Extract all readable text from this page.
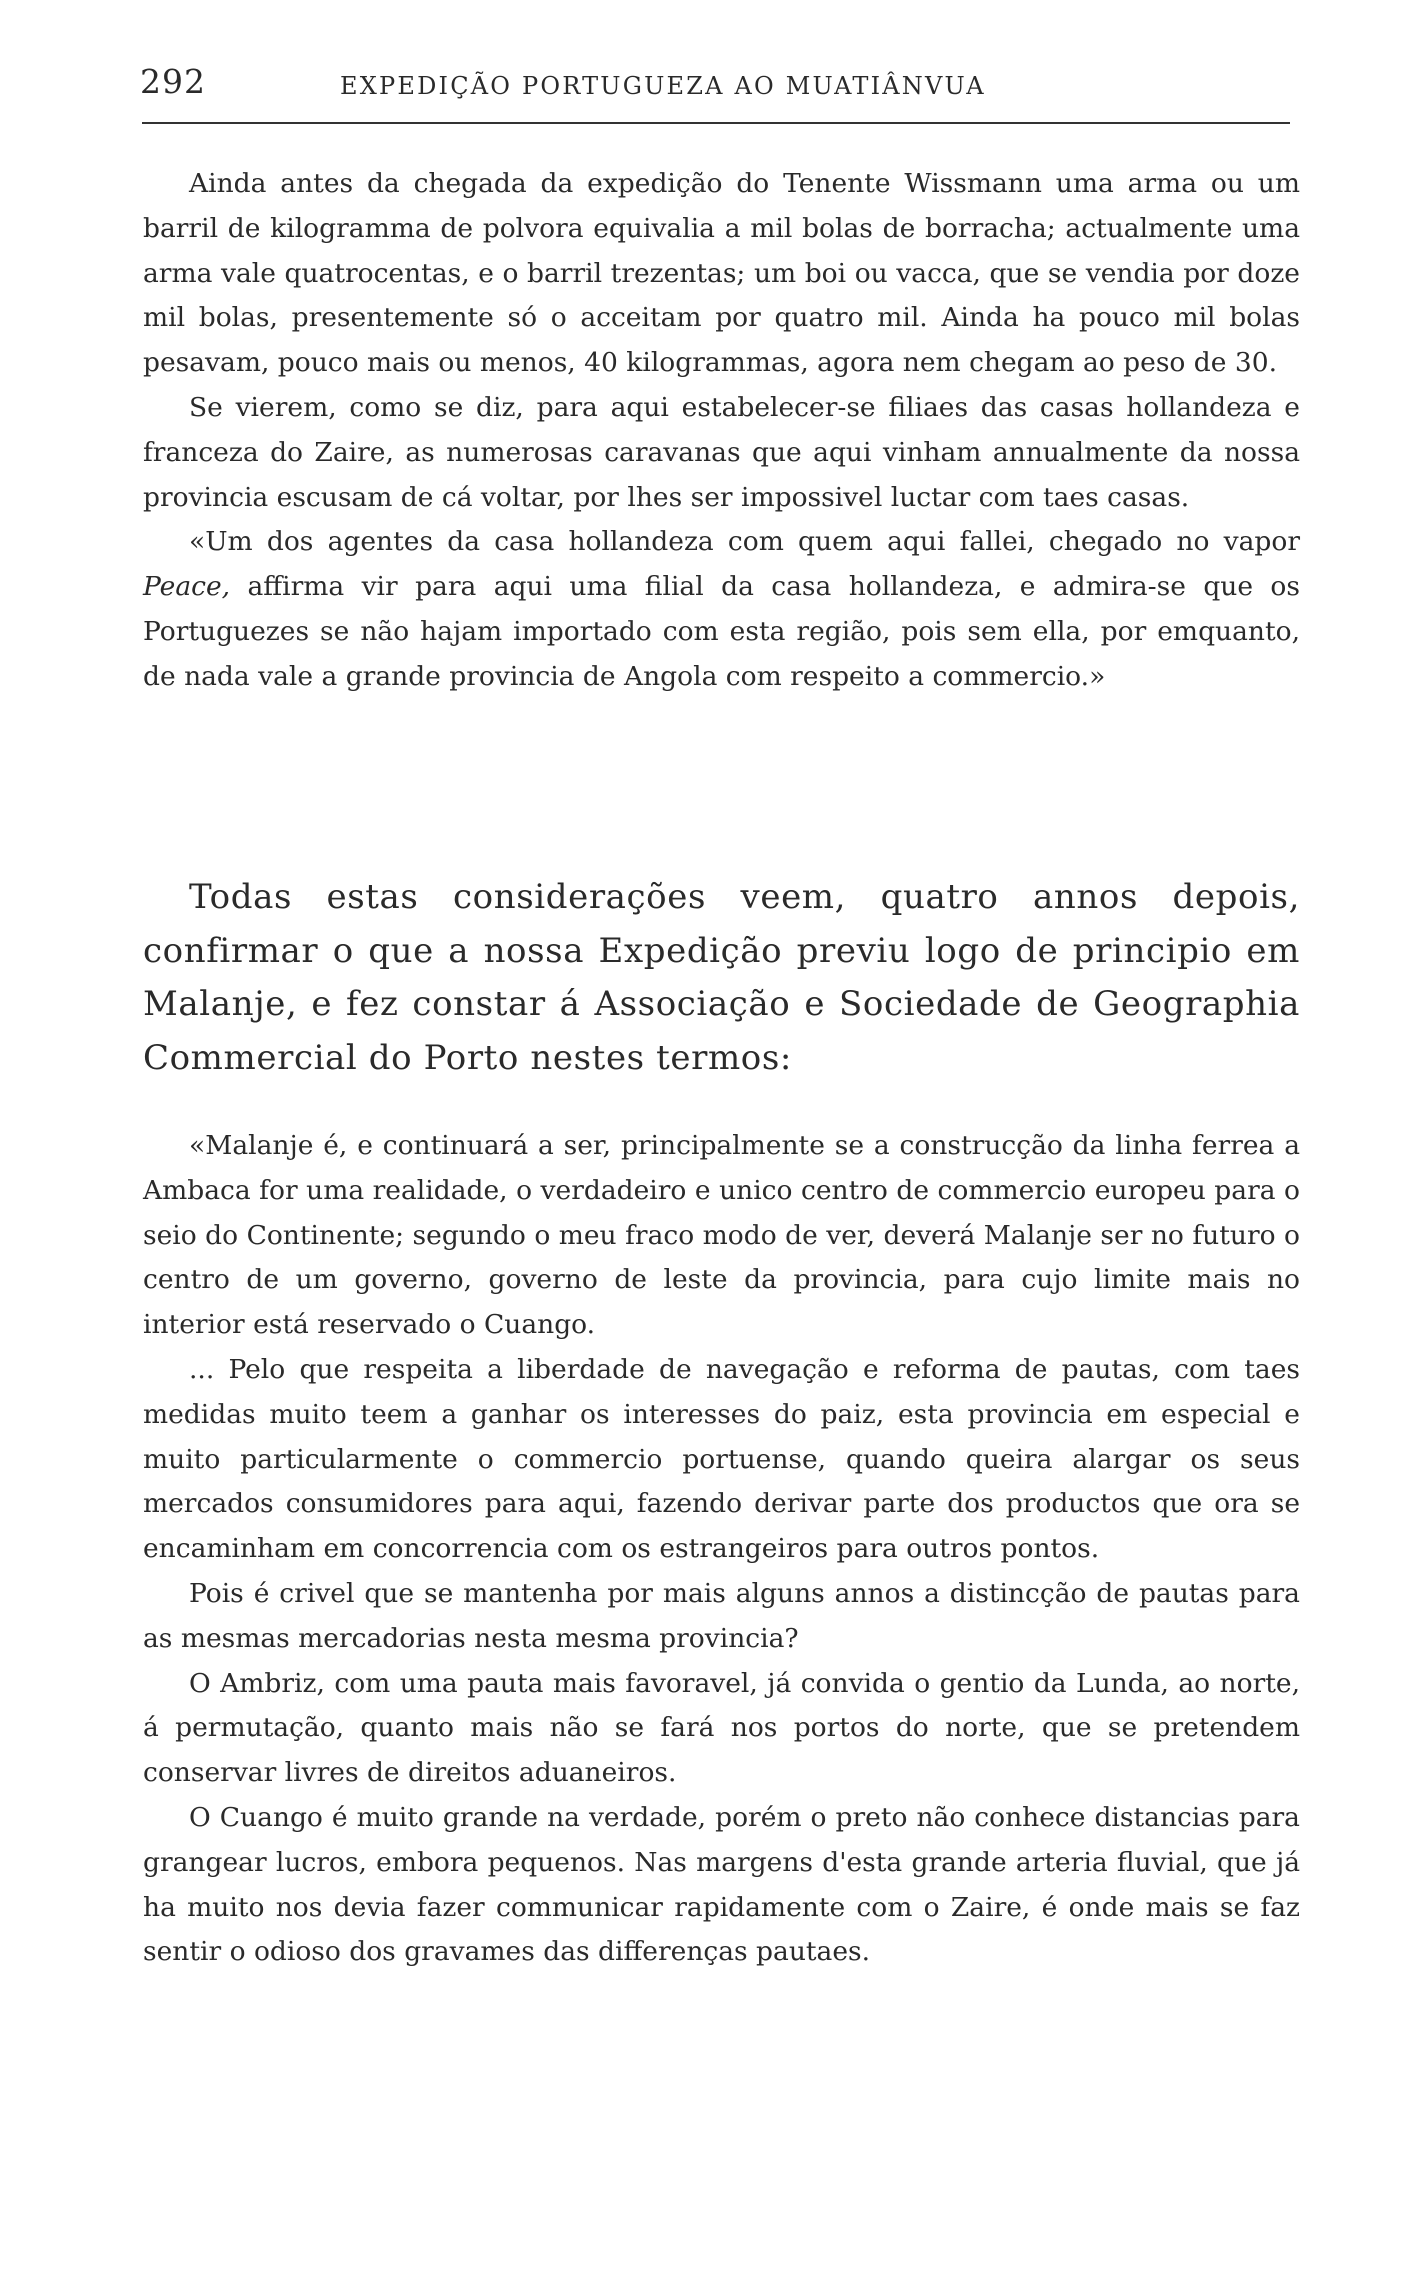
292	EXPEDIÇÃO PORTUGUEZA AO MUATIÂNVUA

Ainda antes da chegada da expedição do Tenente Wissmann uma arma ou um barril de kilogramma de polvora equivalia a mil bolas de borracha; actualmente uma arma vale quatrocentas, e o barril trezentas; um boi ou vacca, que se vendia por doze mil bolas, presentemente só o acceitam por quatro mil. Ainda ha pouco mil bolas pesavam, pouco mais ou menos, 40 kilogrammas, agora nem chegam ao peso de 30.

Se vierem, como se diz, para aqui estabelecer-se filiaes das casas hollandeza e franceza do Zaire, as numerosas caravanas que aqui vinham annualmente da nossa provincia escusam de cá voltar, por lhes ser impossivel luctar com taes casas.

«Um dos agentes da casa hollandeza com quem aqui fallei, chegado no vapor Peace, affirma vir para aqui uma filial da casa hollandeza, e admira-se que os Portuguezes se não hajam importado com esta região, pois sem ella, por emquanto, de nada vale a grande provincia de Angola com respeito a commercio.»

Todas estas considerações veem, quatro annos depois, confirmar o que a nossa Expedição previu logo de principio em Malanje, e fez constar á Associação e Sociedade de Geographia Commercial do Porto nestes termos:

«Malanje é, e continuará a ser, principalmente se a construcção da linha ferrea a Ambaca for uma realidade, o verdadeiro e unico centro de commercio europeu para o seio do Continente; segundo o meu fraco modo de ver, deverá Malanje ser no futuro o centro de um governo, governo de leste da provincia, para cujo limite mais no interior está reservado o Cuango.

... Pelo que respeita a liberdade de navegação e reforma de pautas, com taes medidas muito teem a ganhar os interesses do paiz, esta provincia em especial e muito particularmente o commercio portuense, quando queira alargar os seus mercados consumidores para aqui, fazendo derivar parte dos productos que ora se encaminham em concorrencia com os estrangeiros para outros pontos.

Pois é crivel que se mantenha por mais alguns annos a distincção de pautas para as mesmas mercadorias nesta mesma provincia?

O Ambriz, com uma pauta mais favoravel, já convida o gentio da Lunda, ao norte, á permutação, quanto mais não se fará nos portos do norte, que se pretendem conservar livres de direitos aduaneiros.

O Cuango é muito grande na verdade, porém o preto não conhece distancias para grangear lucros, embora pequenos. Nas margens d'esta grande arteria fluvial, que já ha muito nos devia fazer communicar rapidamente com o Zaire, é onde mais se faz sentir o odioso dos gravames das differenças pautaes.
